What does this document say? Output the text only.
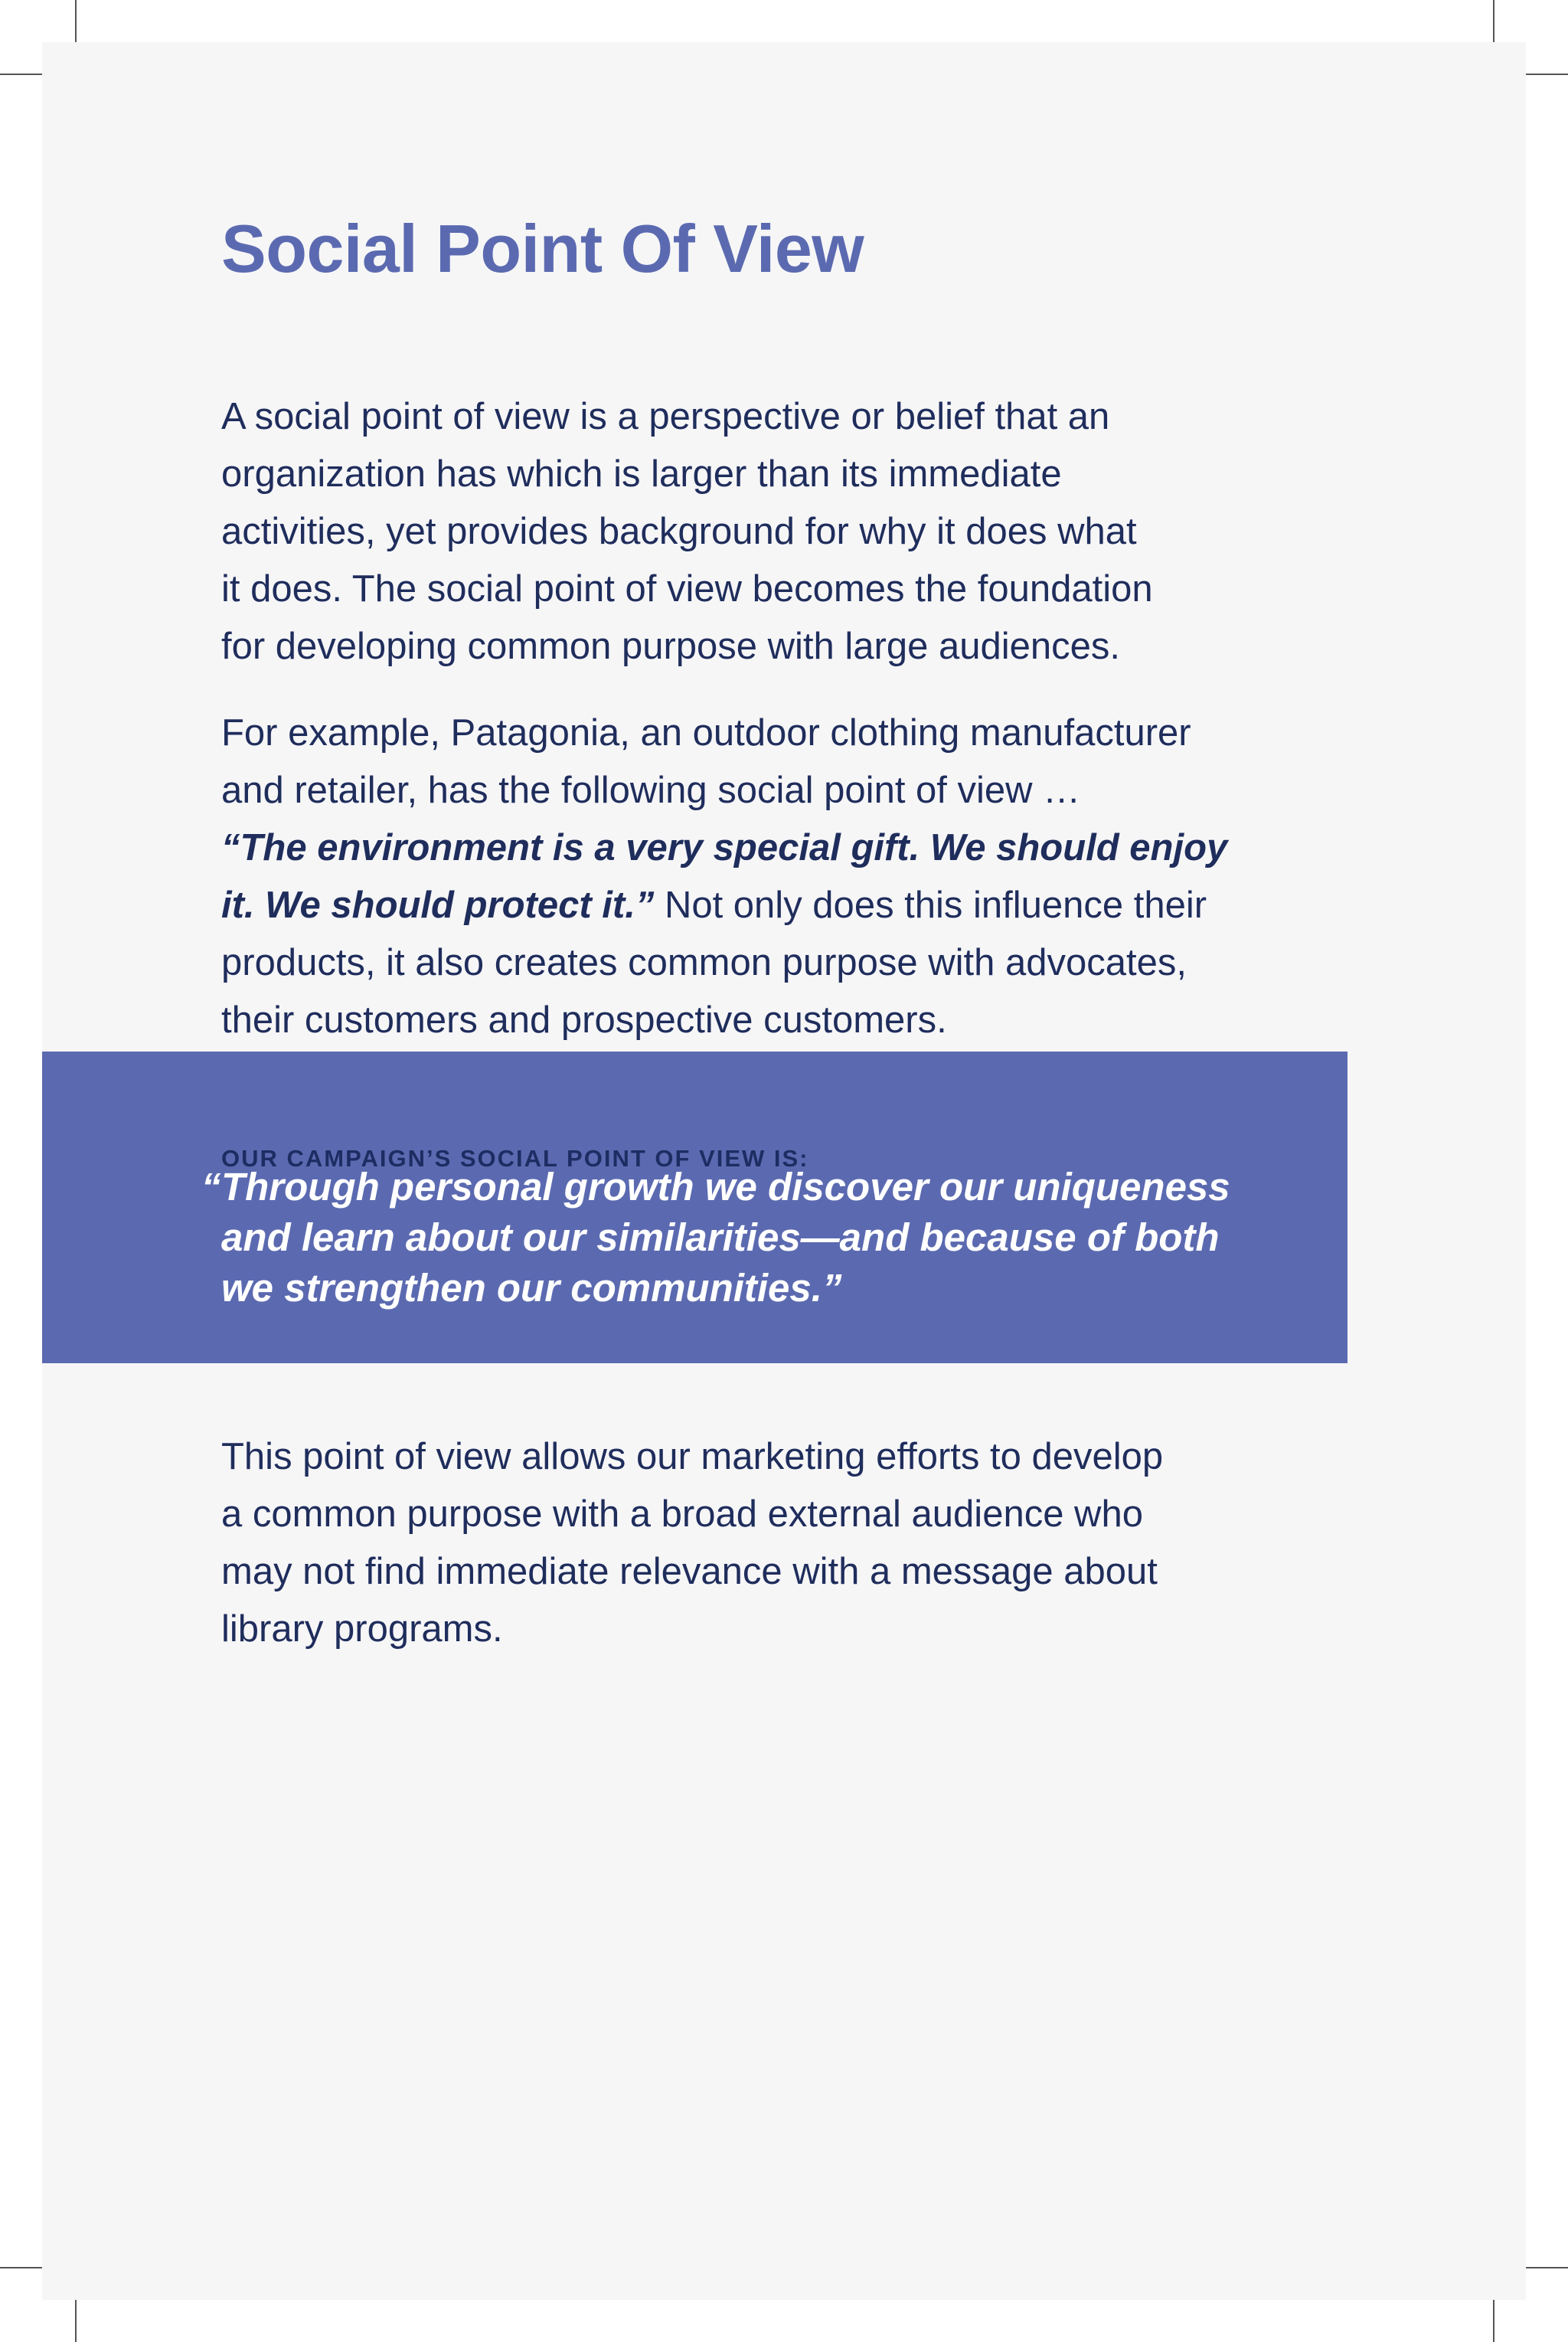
Social Point Of View

A social point of view is a perspective or belief that an
organization has which is larger than its immediate
activities, yet provides background for why it does what
it does. The social point of view becomes the foundation
for developing common purpose with large audiences.

For example, Patagonia, an outdoor clothing manufacturer
and retailer, has the following social point of view …
“The environment is a very special gift. We should enjoy
it. We should protect it.” Not only does this influence their
products, it also creates common purpose with advocates,
their customers and prospective customers.

OUR CAMPAIGN’S SOCIAL POINT OF VIEW IS:

“ Through personal growth we discover our uniqueness
and learn about our similarities—and because of both
we strengthen our communities.”

This point of view allows our marketing efforts to develop
a common purpose with a broad external audience who
may not find immediate relevance with a message about
library programs.
